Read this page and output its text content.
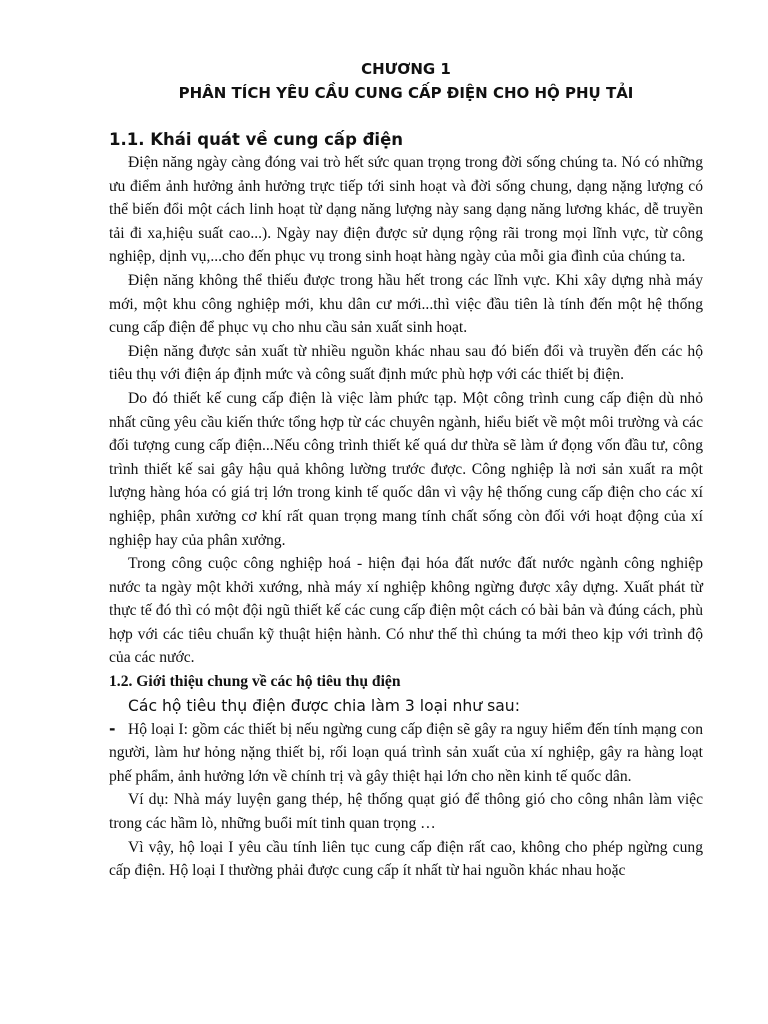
CHƯƠNG 1

PHÂN TÍCH YÊU CẦU CUNG CẤP ĐIỆN CHO HỘ PHỤ TẢI

1.1. Khái quát về cung cấp điện

Điện năng ngày càng đóng vai trò hết sức quan trọng trong đời sống chúng ta. Nó có những ưu điểm ảnh hưởng ảnh hưởng trực tiếp tới sinh hoạt và đời sống chung, dạng nặng lượng có thể biến đổi một cách linh hoạt từ dạng năng lượng này sang dạng năng lương khác, dễ truyền tải đi xa,hiệu suất cao...). Ngày nay điện được sử dụng rộng rãi trong mọi lĩnh vực, từ công nghiệp, dịnh vụ,...cho đến phục vụ trong sinh hoạt hàng ngày của mỗi gia đình của chúng ta.

Điện năng không thể thiếu được trong hầu hết trong các lĩnh vực. Khi xây dựng nhà máy mới, một khu công nghiệp mới, khu dân cư mới...thì việc đầu tiên là tính đến một hệ thống cung cấp điện để phục vụ cho nhu cầu sản xuất sinh hoạt.

Điện năng được sản xuất từ nhiều nguồn khác nhau sau đó biến đổi và truyền đến các hộ tiêu thụ với điện áp định mức và công suất định mức phù hợp với các thiết bị điện.

Do đó thiết kế cung cấp điện là việc làm phức tạp. Một công trình cung cấp điện dù nhỏ nhất cũng yêu cầu kiến thức tổng hợp từ các chuyên ngành, hiểu biết về một môi trường và các đối tượng cung cấp điện...Nếu công trình thiết kế quá dư thừa sẽ làm ứ đọng vốn đầu tư, công trình thiết kế sai gây hậu quả không lường trước được. Công nghiệp là nơi sản xuất ra một lượng hàng hóa có giá trị lớn trong kinh tế quốc dân vì vậy hệ thống cung cấp điện cho các xí nghiệp, phân xưởng cơ khí rất quan trọng mang tính chất sống còn đối với hoạt động của xí nghiệp hay của phân xưởng.

Trong công cuộc công nghiệp hoá - hiện đại hóa đất nước đất nước ngành công nghiệp nước ta ngày một khởi xướng, nhà máy xí nghiệp không ngừng được xây dựng. Xuất phát từ thực tế đó thì có một đội ngũ thiết kế các cung cấp điện một cách có bài bản và đúng cách, phù hợp với các tiêu chuẩn kỹ thuật hiện hành. Có như thế thì chúng ta mới theo kịp với trình độ của các nước.

1.2. Giới thiệu chung về các hộ tiêu thụ điện

Các hộ tiêu thụ điện được chia làm 3 loại như sau:

- Hộ loại I: gồm các thiết bị nếu ngừng cung cấp điện sẽ gây ra nguy hiểm đến tính mạng con người, làm hư hỏng nặng thiết bị, rối loạn quá trình sản xuất của xí nghiệp, gây ra hàng loạt phế phẩm, ảnh hưởng lớn về chính trị và gây thiệt hại lớn cho nền kinh tế quốc dân.

Ví dụ: Nhà máy luyện gang thép, hệ thống quạt gió để thông gió cho công nhân làm việc trong các hầm lò, những buổi mít tinh quan trọng …

Vì vậy, hộ loại I yêu cầu tính liên tục cung cấp điện rất cao, không cho phép ngừng cung cấp điện. Hộ loại I thường phải được cung cấp ít nhất từ hai nguồn khác nhau hoặc
